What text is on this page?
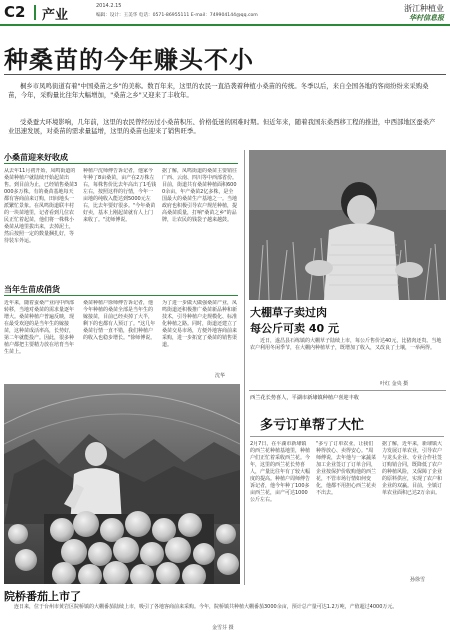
C2 产业
2014.2.15
编辑：设计：王美华 电话：0571-86955111 E-mail：749904144@qq.com
浙江种植业
华村信息报
种桑苗的今年赚头不小
桐乡市凤鸣街道有着"中国桑苗之乡"的美称。数百年来，这里的农民一直沿袭着种植小桑苗的传统。冬季以后，来自全国各地的客商纷纷来采购桑苗，今年，采购量比往年大幅增加，"桑苗之乡"又迎来了丰收年。
受桑蚕大环境影响，几年前，这里的农民曾经历过小桑苗积压、价格低迷的困难时期。但近年来，随着我国东桑西移工程的推进，中西部地区蚕桑产业迅速发展，对桑苗的需求量猛增，这里的桑苗也迎来了销售旺季。
小桑苗迎来好收成
从去年11月初开始，凤鸣街道的桑苗种植户就陆续开始起苗出售。到目前为止，已经销售桑苗3000多万株。有的桑苗基地每天都有客商前来订购，田间地头一派繁忙景象。在凤鸣街道联丰村的一块苗地里，记者看到几位农民正忙着起苗，他们将一株株小桑苗从地里拔出来，去掉泥土，然后按照一定的数量捆扎好，等待装车外运。
种植户沈师傅告诉记者，他家今年种了8亩桑苗，亩产在2万株左右，每株售价比去年高出了1毛钱左右，按照这样的行情，今年一亩地的纯收入能达到5000元左右，比去年要好很多。"今年桑苗好卖，基本上刚起苗就有人上门来收了。"沈师傅说。
据了解，凤鸣街道的桑苗主要销往广西、云南、四川等中西部省份。目前，街道共有桑苗种植面积6000余亩，年产桑苗2亿多株，是全国最大的桑苗生产基地之一。当地政府也积极引导农户规范种植，提高桑苗质量，打响"桑苗之乡"的品牌，让农民的钱袋子越来越鼓。
当年生苗成俏货
近年来，随着蚕桑产业向中西部转移，当地对桑苗的需求量逐年增大。桑苗种植户普遍反映，现在最受欢迎的是当年生的嫁接苗，这种苗成活率高，长势好，第二年就能投产。因此，很多种植户都把主要精力放在培育当年生苗上。
桑苗种植户徐师傅告诉记者，他今年种植的桑苗全部是当年生的嫁接苗，目前已经卖掉了大半，剩下的也都有人预订了。"这几年桑苗行情一直不错，我们种植户的收入也稳步增长。"徐师傅说。
为了进一步做大做强桑苗产业，凤鸣街道还积极推广桑苗新品种和新技术，引导种植户走规模化、标准化种植之路。同时，街道还建立了桑苗交易市场，方便外地客商前来采购，进一步拓宽了桑苗的销售渠道。
沈华
院桥番茄上市了
连日来，位于台州市黄岩区院桥镇的大棚番茄陆续上市，吸引了各地客商前来采购。今年，院桥镇共种植大棚番茄3000余亩，预计总产量可达1.2万吨，产值超过4000万元。
金雪芬 摄
大棚草子卖过肉
每公斤可卖 40 元
近日，遂昌县石练镇的大棚草子陆续上市，每公斤售价达40元，比猪肉还贵。当地农户利用冬闲季节，在大棚内种植草子，既增加了收入，又改良了土壤，一举两得。
叶红 金央 摄
西兰花长势喜人，平湖市新埭镇种植户喜迎丰收
多亏订单帮了大忙
2月7日，在平湖市新埭镇的西兰花种植基地里，种植户们正忙着采收西兰花。今年，这里的西兰花长势喜人，产量比往年有了较大幅度的提高。种植户周师傅告诉记者，他今年种了100多亩西兰花，亩产可达1000公斤左右。
"多亏了订单农业，让我们种得放心、卖得安心。"周师傅说，去年他与一家蔬菜加工企业签订了订单合同，企业按保护价收购他的西兰花，不管市场行情如何变化，他都不用担心西兰花卖不出去。
据了解，近年来，新埭镇大力发展订单农业，引导农户与龙头企业、专业合作社签订购销合同，既降低了农户的种植风险，又保障了企业的原料供应，实现了农户和企业的双赢。目前，全镇订单农业面积已达2万余亩。
孙徐雪
